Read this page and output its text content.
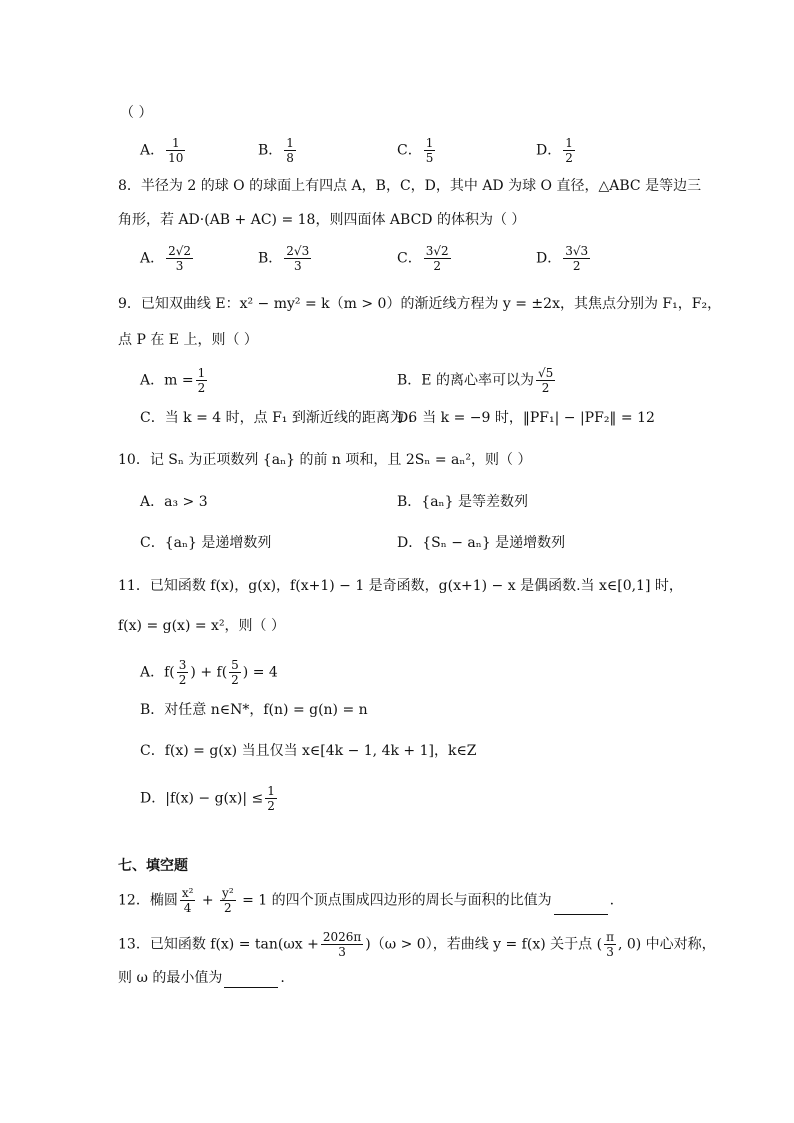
（ ）
A． $\frac{1}{10}$	B． $\frac{1}{8}$	C． $\frac{1}{5}$	D． $\frac{1}{2}$
8．半径为 2 的球 O 的球面上有四点 A，B，C，D，其中 AD 为球 O 直径，△ABC 是等边三
角形，若 AD·(AB + AC) = 18，则四面体 ABCD 的体积为（ ）
A． $\frac{2√2}{3}$	B． $\frac{2√3}{3}$	C． $\frac{3√2}{2}$	D． $\frac{3√3}{2}$
9．已知双曲线 E：x² − my² = k（m > 0）的渐近线方程为 y = ±2x，其焦点分别为 F₁，F₂，
点 P 在 E 上，则（ ）
A．$m = \frac{1}{2}$	B．E 的离心率可以为 $\frac{√5}{2}$
C．当 k = 4 时，点 F₁ 到渐近线的距离为 6
D．当 k = −9 时，‖PF₁| − |PF₂‖ = 12
10．记 Sₙ 为正项数列 {aₙ} 的前 n 项和，且 2Sₙ = aₙ²，则（ ）
A．a₃ > 3	B．{aₙ} 是等差数列
C．{aₙ} 是递增数列	D．{Sₙ − aₙ} 是递增数列
11．已知函数 f(x)，g(x)，f(x+1) − 1 是奇函数，g(x+1) − x 是偶函数.当 x∈[0,1] 时，
f(x) = g(x) = x²，则（ ）
A．$f( \frac{3}{2}$ ) + $f( \frac{5}{2}$ ) = 4
B．对任意 n∈N*，f(n) = g(n) = n
C．f(x) = g(x) 当且仅当 x∈[4k − 1, 4k + 1]，k∈Z
D．$|f(x) - g(x)| \le \frac{1}{2}$
七、填空题
12．椭圆 $\frac{\text{x²}}{4} + \frac{\text{y²}}{2} = 1$ 的四个顶点围成四边形的周长与面积的比值为	.
13．已知函数 $f(x) = \tan(\omega x + \frac{2026\pi}{3} )(\omega > 0)$，若曲线 y = f(x) 关于点 ( $\frac{\pi}{3}$ , 0) 中心对称，
则 ω 的最小值为	.
